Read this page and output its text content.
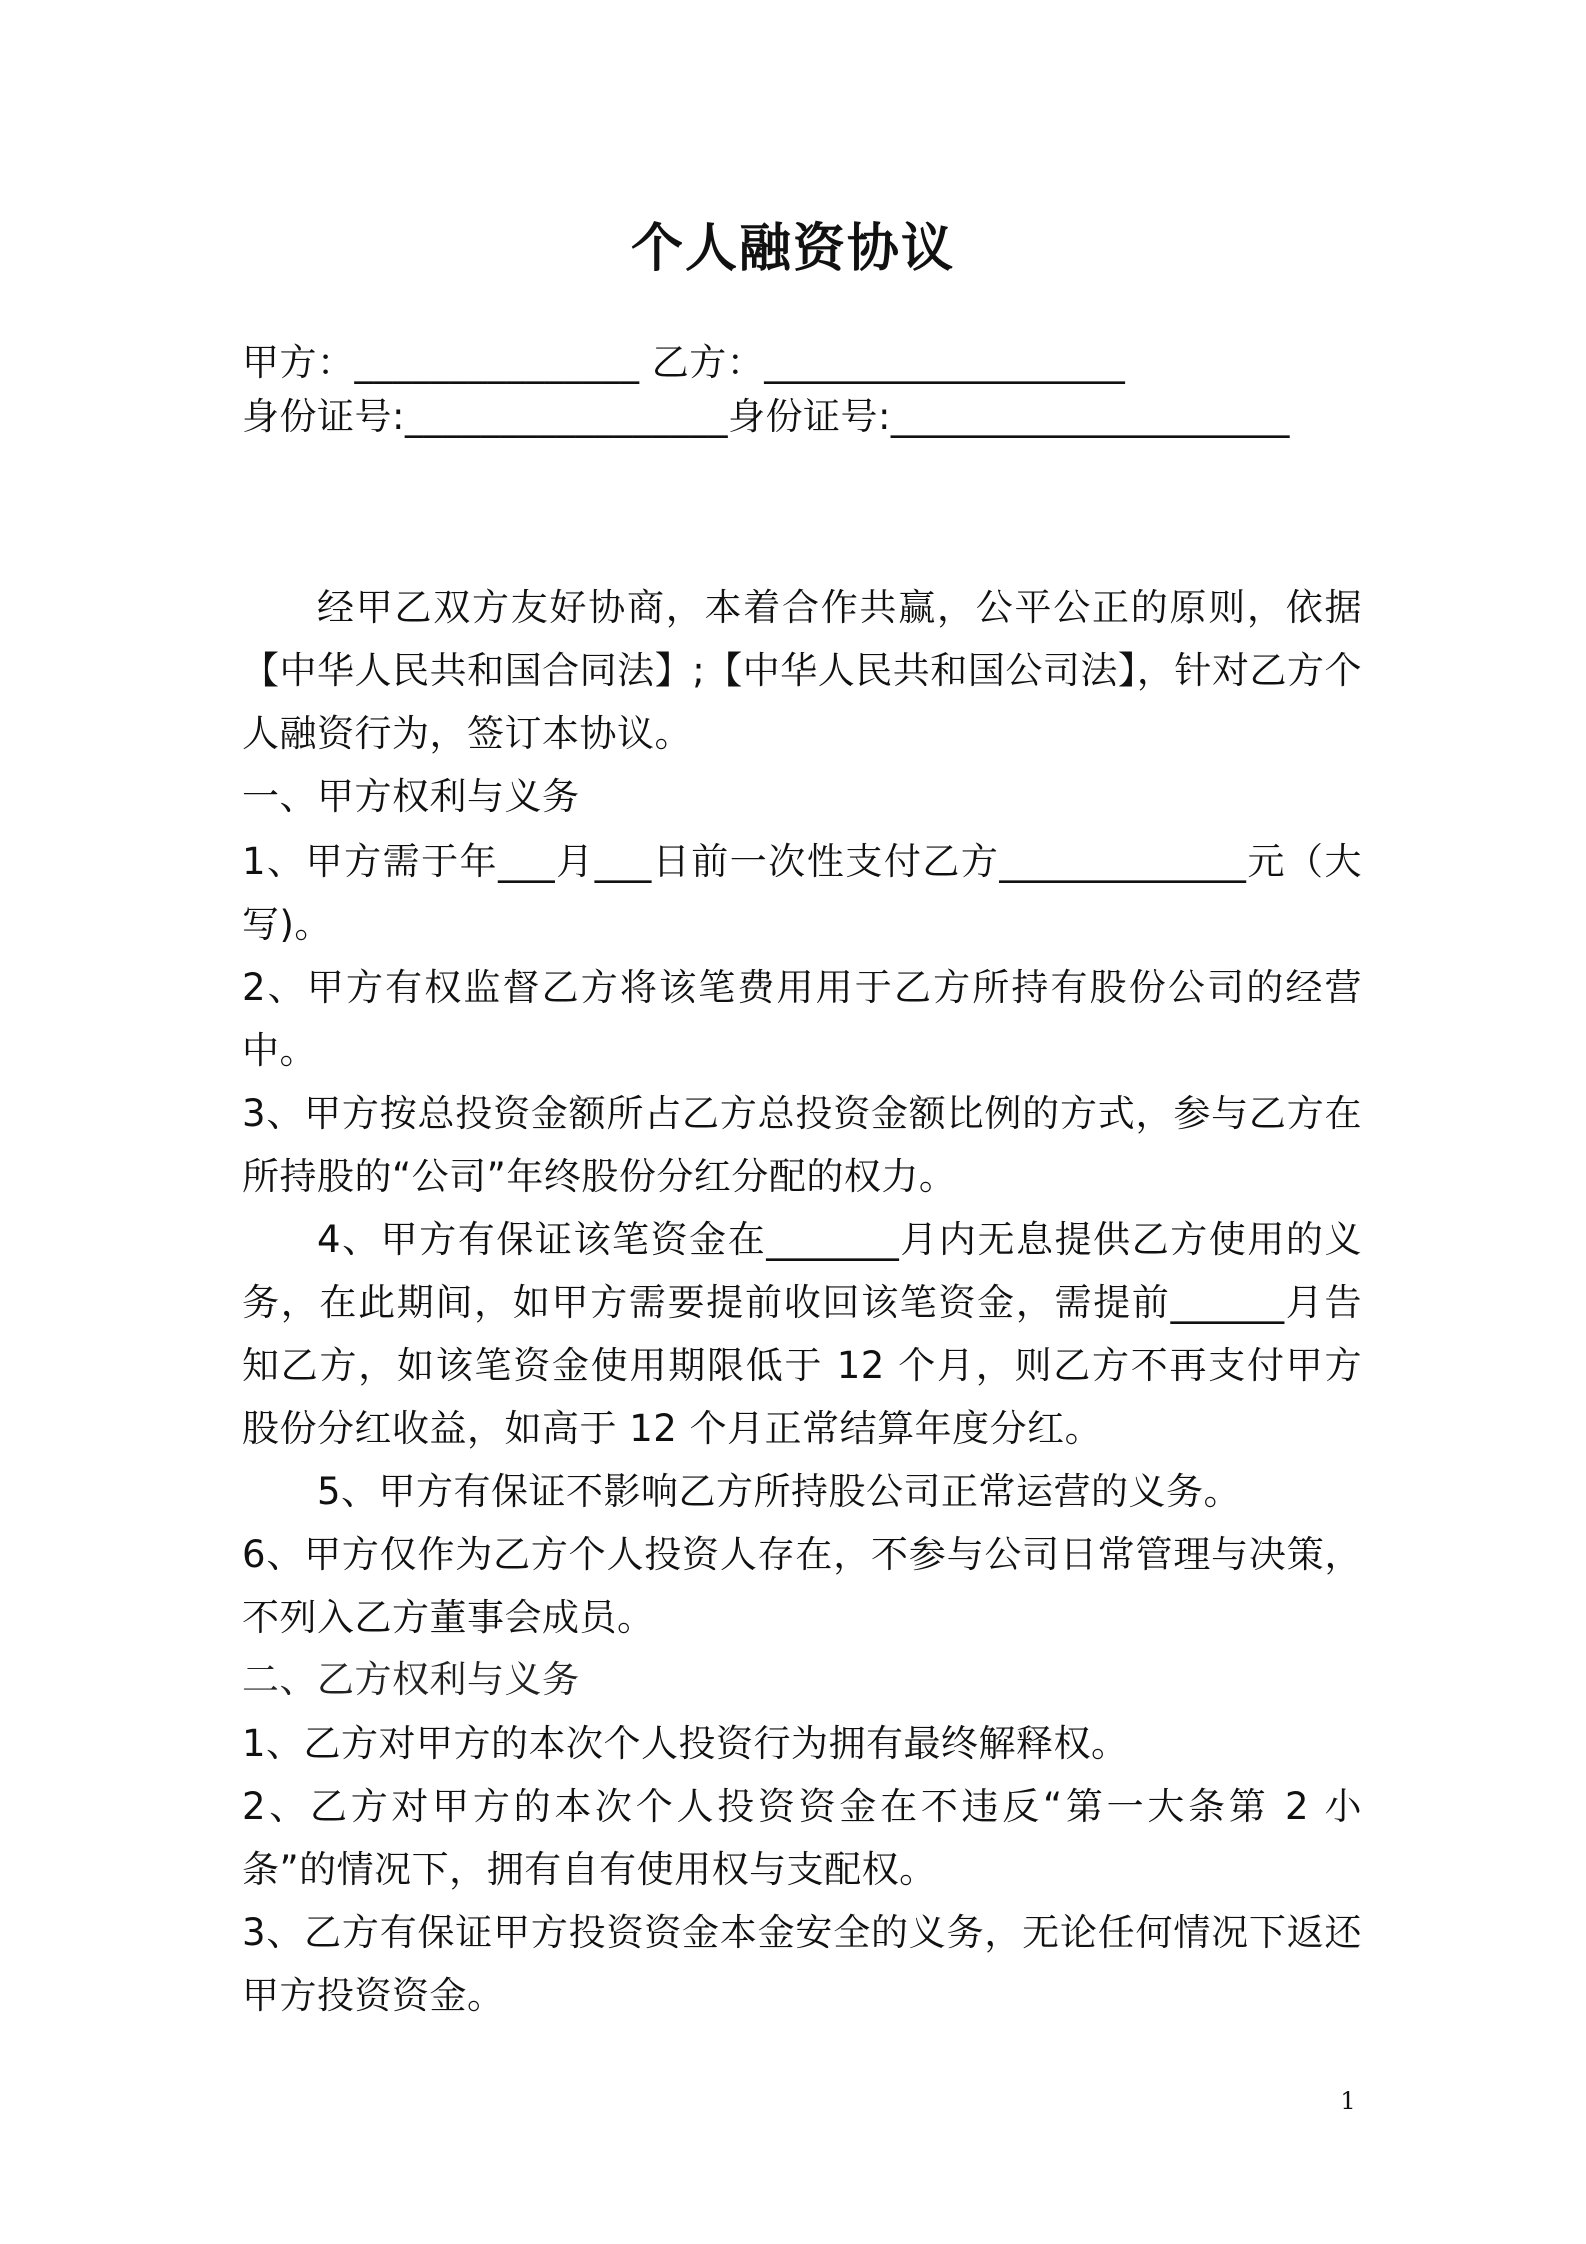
个人融资协议
甲方：_______________ 乙方：___________________
身份证号:_________________身份证号:_____________________
经甲乙双方友好协商，本着合作共赢，公平公正的原则，依据【中华人民共和国合同法】;【中华人民共和国公司法】，针对乙方个人融资行为，签订本协议。
一、甲方权利与义务
1、甲方需于年___月___日前一次性支付乙方_____________元（大写)。
2、甲方有权监督乙方将该笔费用用于乙方所持有股份公司的经营中。
3、甲方按总投资金额所占乙方总投资金额比例的方式，参与乙方在所持股的“公司”年终股份分红分配的权力。
4、甲方有保证该笔资金在_______月内无息提供乙方使用的义务，在此期间，如甲方需要提前收回该笔资金，需提前______月告知乙方，如该笔资金使用期限低于 12 个月，则乙方不再支付甲方股份分红收益，如高于 12 个月正常结算年度分红。
5、甲方有保证不影响乙方所持股公司正常运营的义务。
6、甲方仅作为乙方个人投资人存在，不参与公司日常管理与决策，不列入乙方董事会成员。
二、乙方权利与义务
1、乙方对甲方的本次个人投资行为拥有最终解释权。
2、乙方对甲方的本次个人投资资金在不违反“第一大条第 2 小条”的情况下，拥有自有使用权与支配权。
3、乙方有保证甲方投资资金本金安全的义务，无论任何情况下返还甲方投资资金。
1
